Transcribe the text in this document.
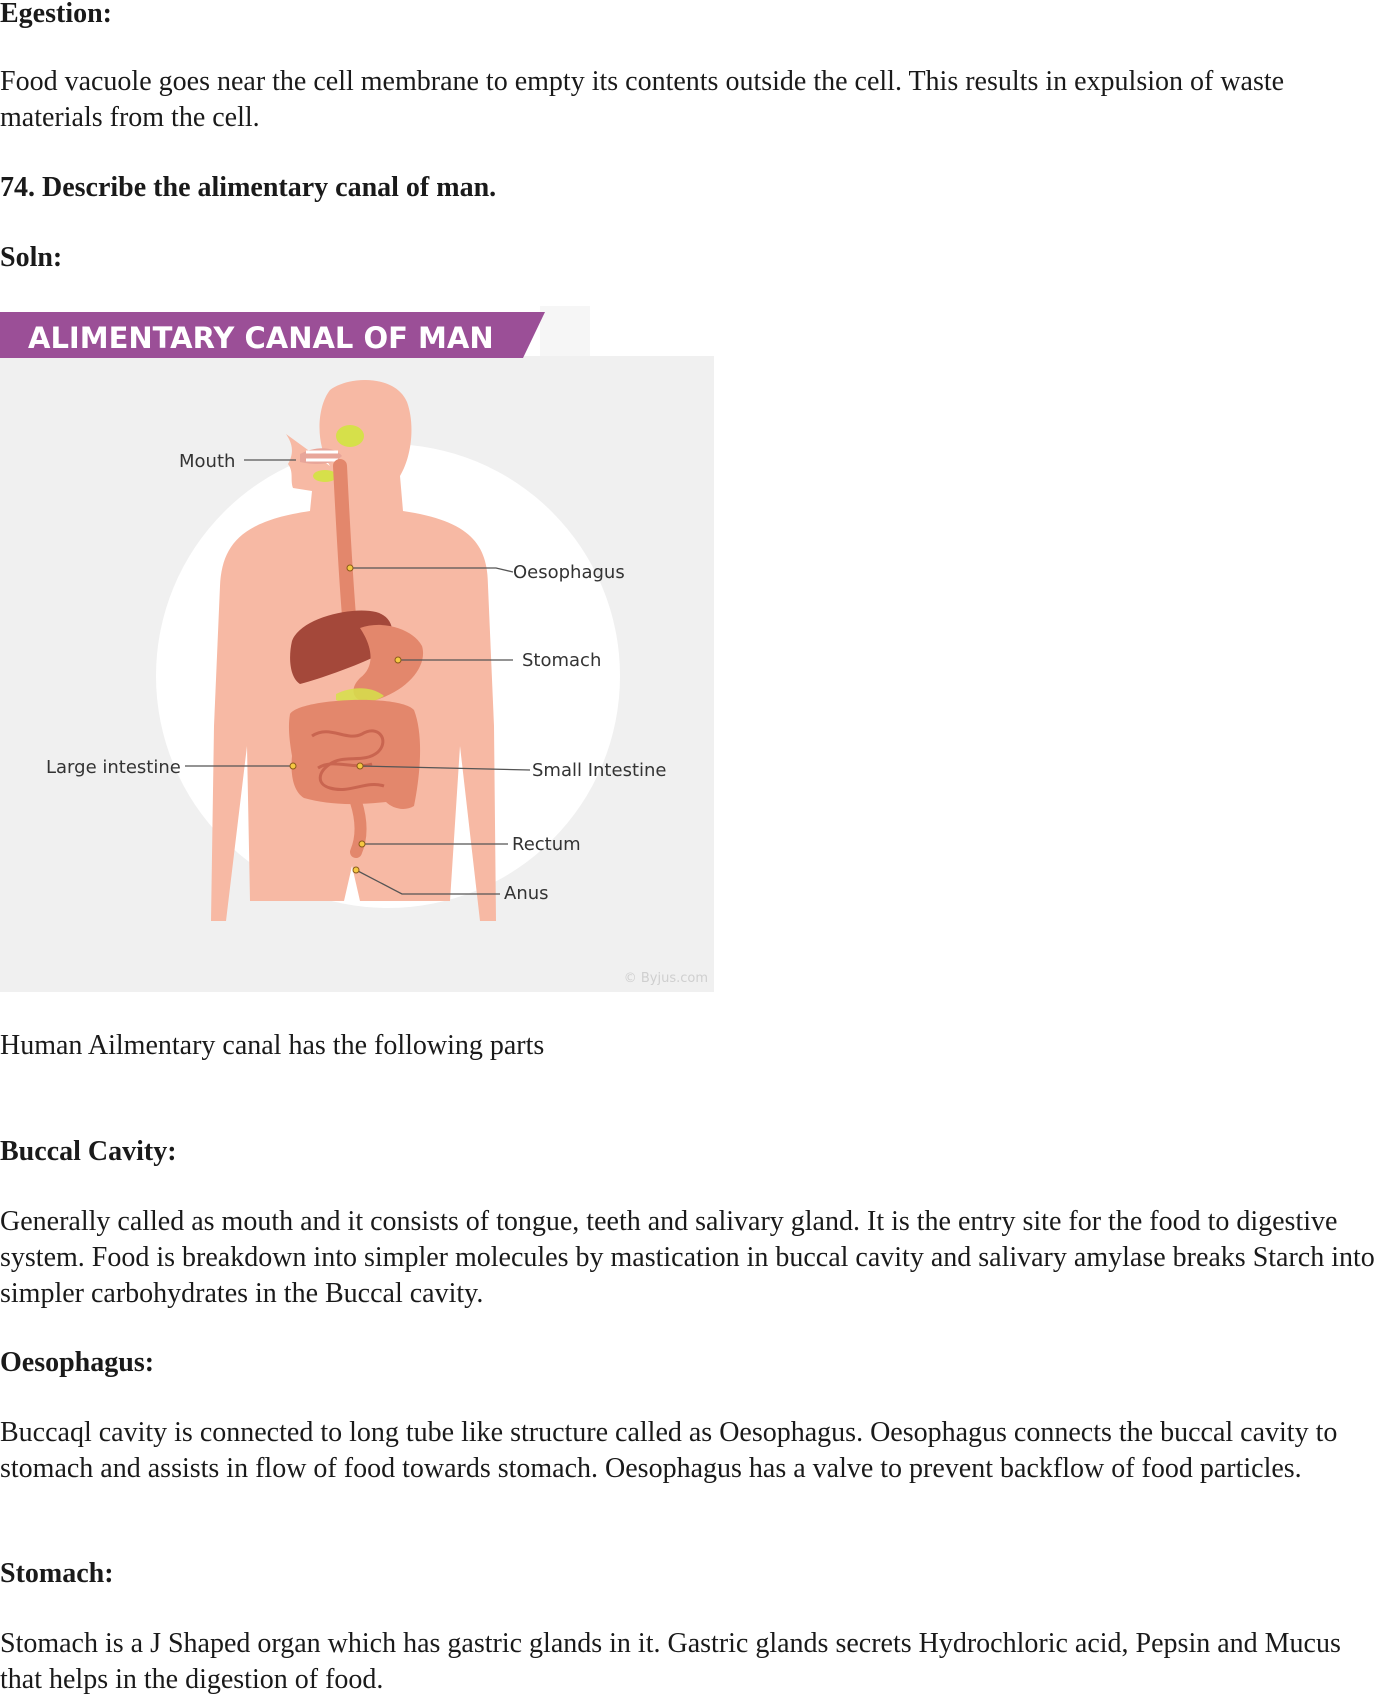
Egestion:

Food vacuole goes near the cell membrane to empty its contents outside the cell. This results in expulsion of waste materials from the cell.

74. Describe the alimentary canal of man.

Soln:

ALIMENTARY CANAL OF MAN
Mouth
Oesophagus
Stomach
Large intestine	Small Intestine
Rectum
Anus
© Byjus.com

Human Ailmentary canal has the following parts

Buccal Cavity:

Generally called as mouth and it consists of tongue, teeth and salivary gland. It is the entry site for the food to digestive system. Food is breakdown into simpler molecules by mastication in buccal cavity and salivary amylase breaks Starch into simpler carbohydrates in the Buccal cavity.

Oesophagus:

Buccaql cavity is connected to long tube like structure called as Oesophagus. Oesophagus connects the buccal cavity to stomach and assists in flow of food towards stomach. Oesophagus has a valve to prevent backflow of food particles.

Stomach:

Stomach is a J Shaped organ which has gastric glands in it. Gastric glands secrets Hydrochloric acid, Pepsin and Mucus that helps in the digestion of food.
